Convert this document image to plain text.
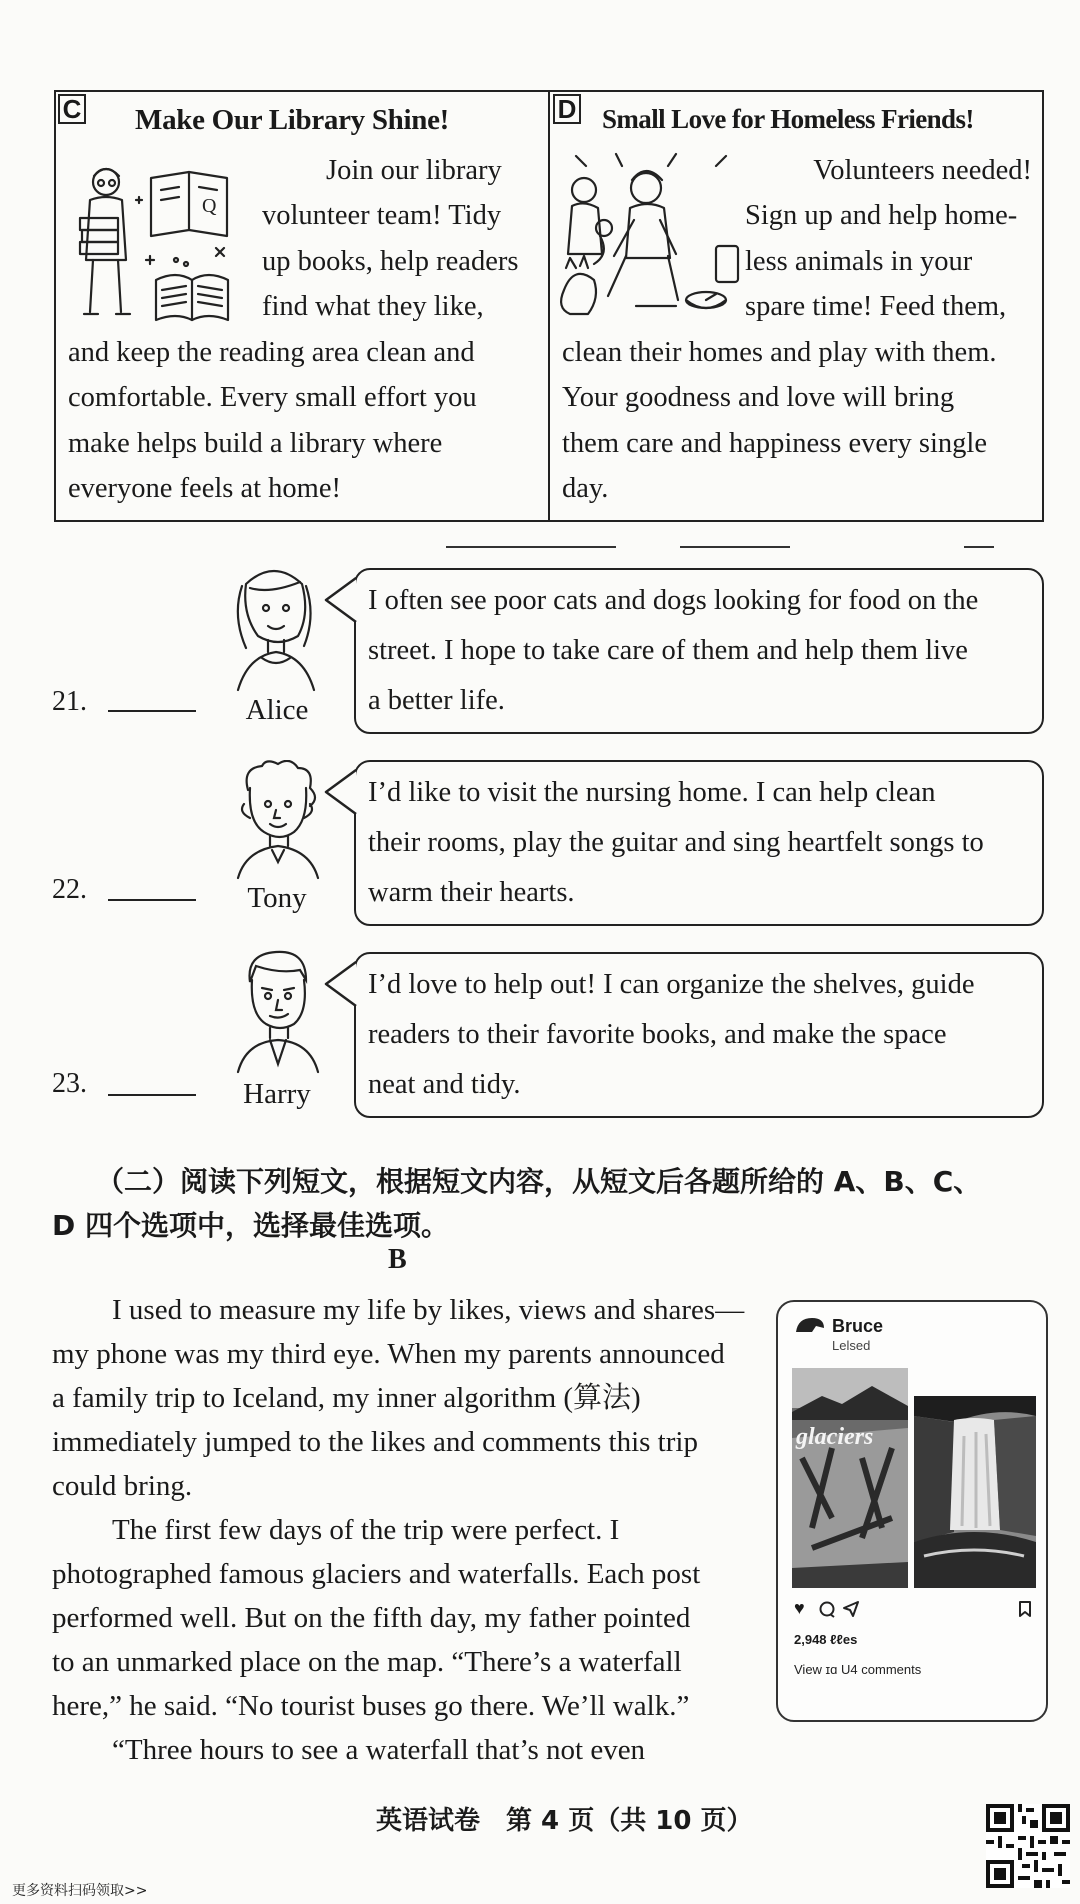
C Make Our Library Shine!
Q
Join our library
volunteer team! Tidy
up books, help readers
find what they like,
and keep the reading area clean and
comfortable. Every small effort you
make helps build a library where
everyone feels at home!
D Small Love for Homeless Friends!
Volunteers needed!
Sign up and help home-
less animals in your
spare time! Feed them,
clean their homes and play with them.
Your goodness and love will bring
them care and happiness every single
day.
21.	Alice
I often see poor cats and dogs looking for food on the
street. I hope to take care of them and help them live
a better life.
22.	Tony
I’d like to visit the nursing home. I can help clean
their rooms, play the guitar and sing heartfelt songs to
warm their hearts.
23.	Harry
I’d love to help out! I can organize the shelves, guide
readers to their favorite books, and make the space
neat and tidy.
（二）阅读下列短文，根据短文内容，从短文后各题所给的 A、B、C、
D 四个选项中，选择最佳选项。
B
I used to measure my life by likes, views and shares—
my phone was my third eye. When my parents announced
a family trip to Iceland, my inner algorithm (算法)
immediately jumped to the likes and comments this trip
could bring.
The first few days of the trip were perfect. I
photographed famous glaciers and waterfalls. Each post
performed well. But on the fifth day, my father pointed
to an unmarked place on the map. “There’s a waterfall
here,” he said. “No tourist buses go there. We’ll walk.”
“Three hours to see a waterfall that’s not even
Bruce
Lelsed
glaciers
♥
2,948 ℓℓes
View ɪɑ U4 comments
英语试卷　第 4 页（共 10 页）
更多资料扫码领取>>
